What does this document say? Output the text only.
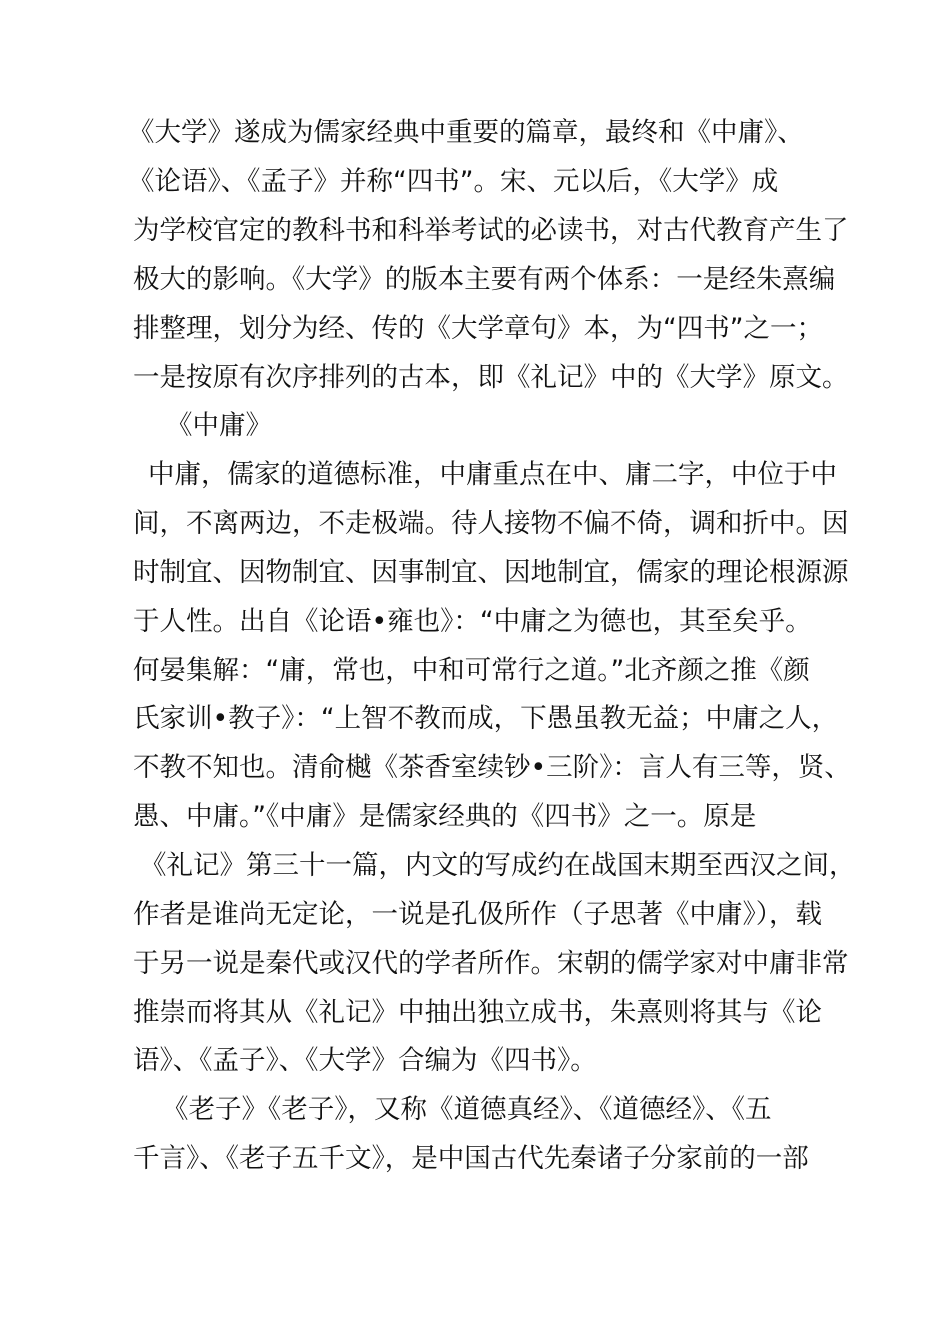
《大学》遂成为儒家经典中重要的篇章，最终和《中庸》、
《论语》、《孟子》并称“四书”。宋、元以后，《大学》成
为学校官定的教科书和科举考试的必读书，对古代教育产生了
极大的影响。《大学》的版本主要有两个体系：一是经朱熹编
排整理，划分为经、传的《大学章句》本，为“四书”之一；
一是按原有次序排列的古本，即《礼记》中的《大学》原文。
《中庸》
中庸，儒家的道德标准，中庸重点在中、庸二字，中位于中
间，不离两边，不走极端。待人接物不偏不倚，调和折中。因
时制宜、因物制宜、因事制宜、因地制宜，儒家的理论根源源
于人性。出自《论语•雍也》：“中庸之为德也，其至矣乎。
何晏集解：“庸，常也，中和可常行之道。”北齐颜之推《颜
氏家训•教子》：“上智不教而成，下愚虽教无益；中庸之人，
不教不知也。清俞樾《茶香室续钞•三阶》：言人有三等，贤、
愚、中庸。”《中庸》是儒家经典的《四书》之一。原是
《礼记》第三十一篇，内文的写成约在战国末期至西汉之间，
作者是谁尚无定论，一说是孔伋所作（子思著《中庸》），载
于另一说是秦代或汉代的学者所作。宋朝的儒学家对中庸非常
推崇而将其从《礼记》中抽出独立成书，朱熹则将其与《论
语》、《孟子》、《大学》合编为《四书》。
《老子》《老子》，又称《道德真经》、《道德经》、《五
千言》、《老子五千文》，是中国古代先秦诸子分家前的一部
